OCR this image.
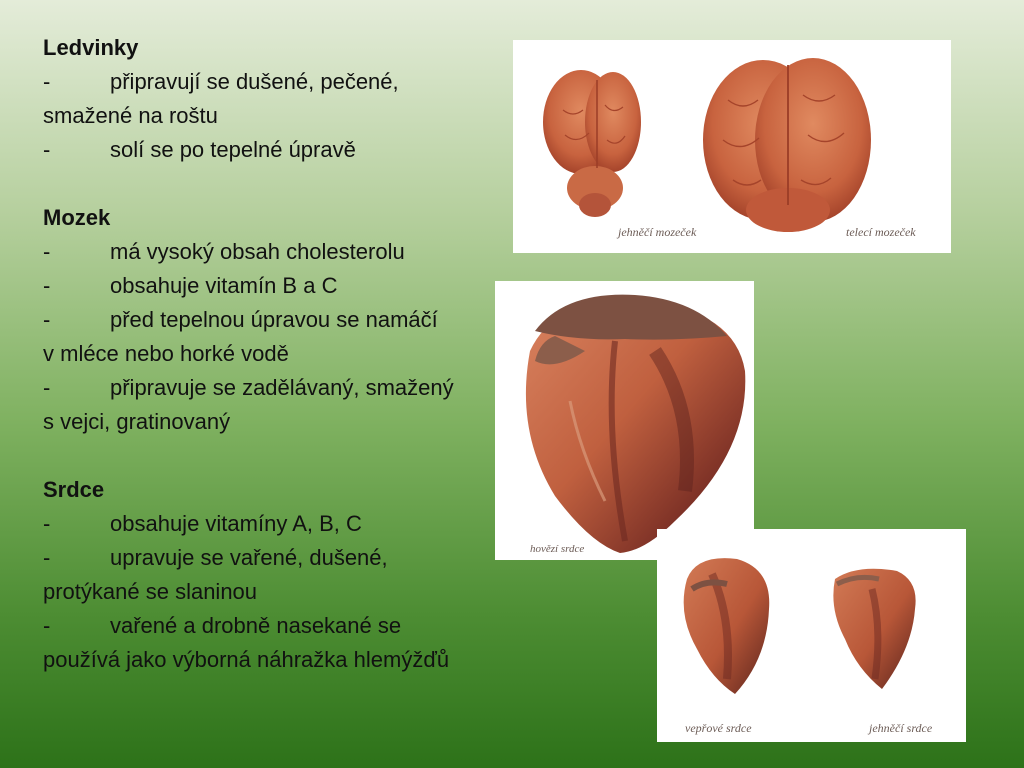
Ledvinky
-	připravují se dušené, pečené,
smažené na roštu
-	solí se po tepelné úpravě
Mozek
-	má vysoký obsah cholesterolu
-	obsahuje vitamín B a C
-	před tepelnou úpravou se namáčí
v mléce nebo horké vodě
-	připravuje se zadělávaný, smažený
s vejci, gratinovaný
Srdce
-	obsahuje vitamíny A, B, C
-	upravuje se vařené, dušené,
protýkané se slaninou
-	vařené a drobně nasekané se
používá jako výborná náhražka hlemýžďů
jehněčí mozeček	telecí mozeček
hovězí srdce
vepřové srdce	jehněčí srdce
